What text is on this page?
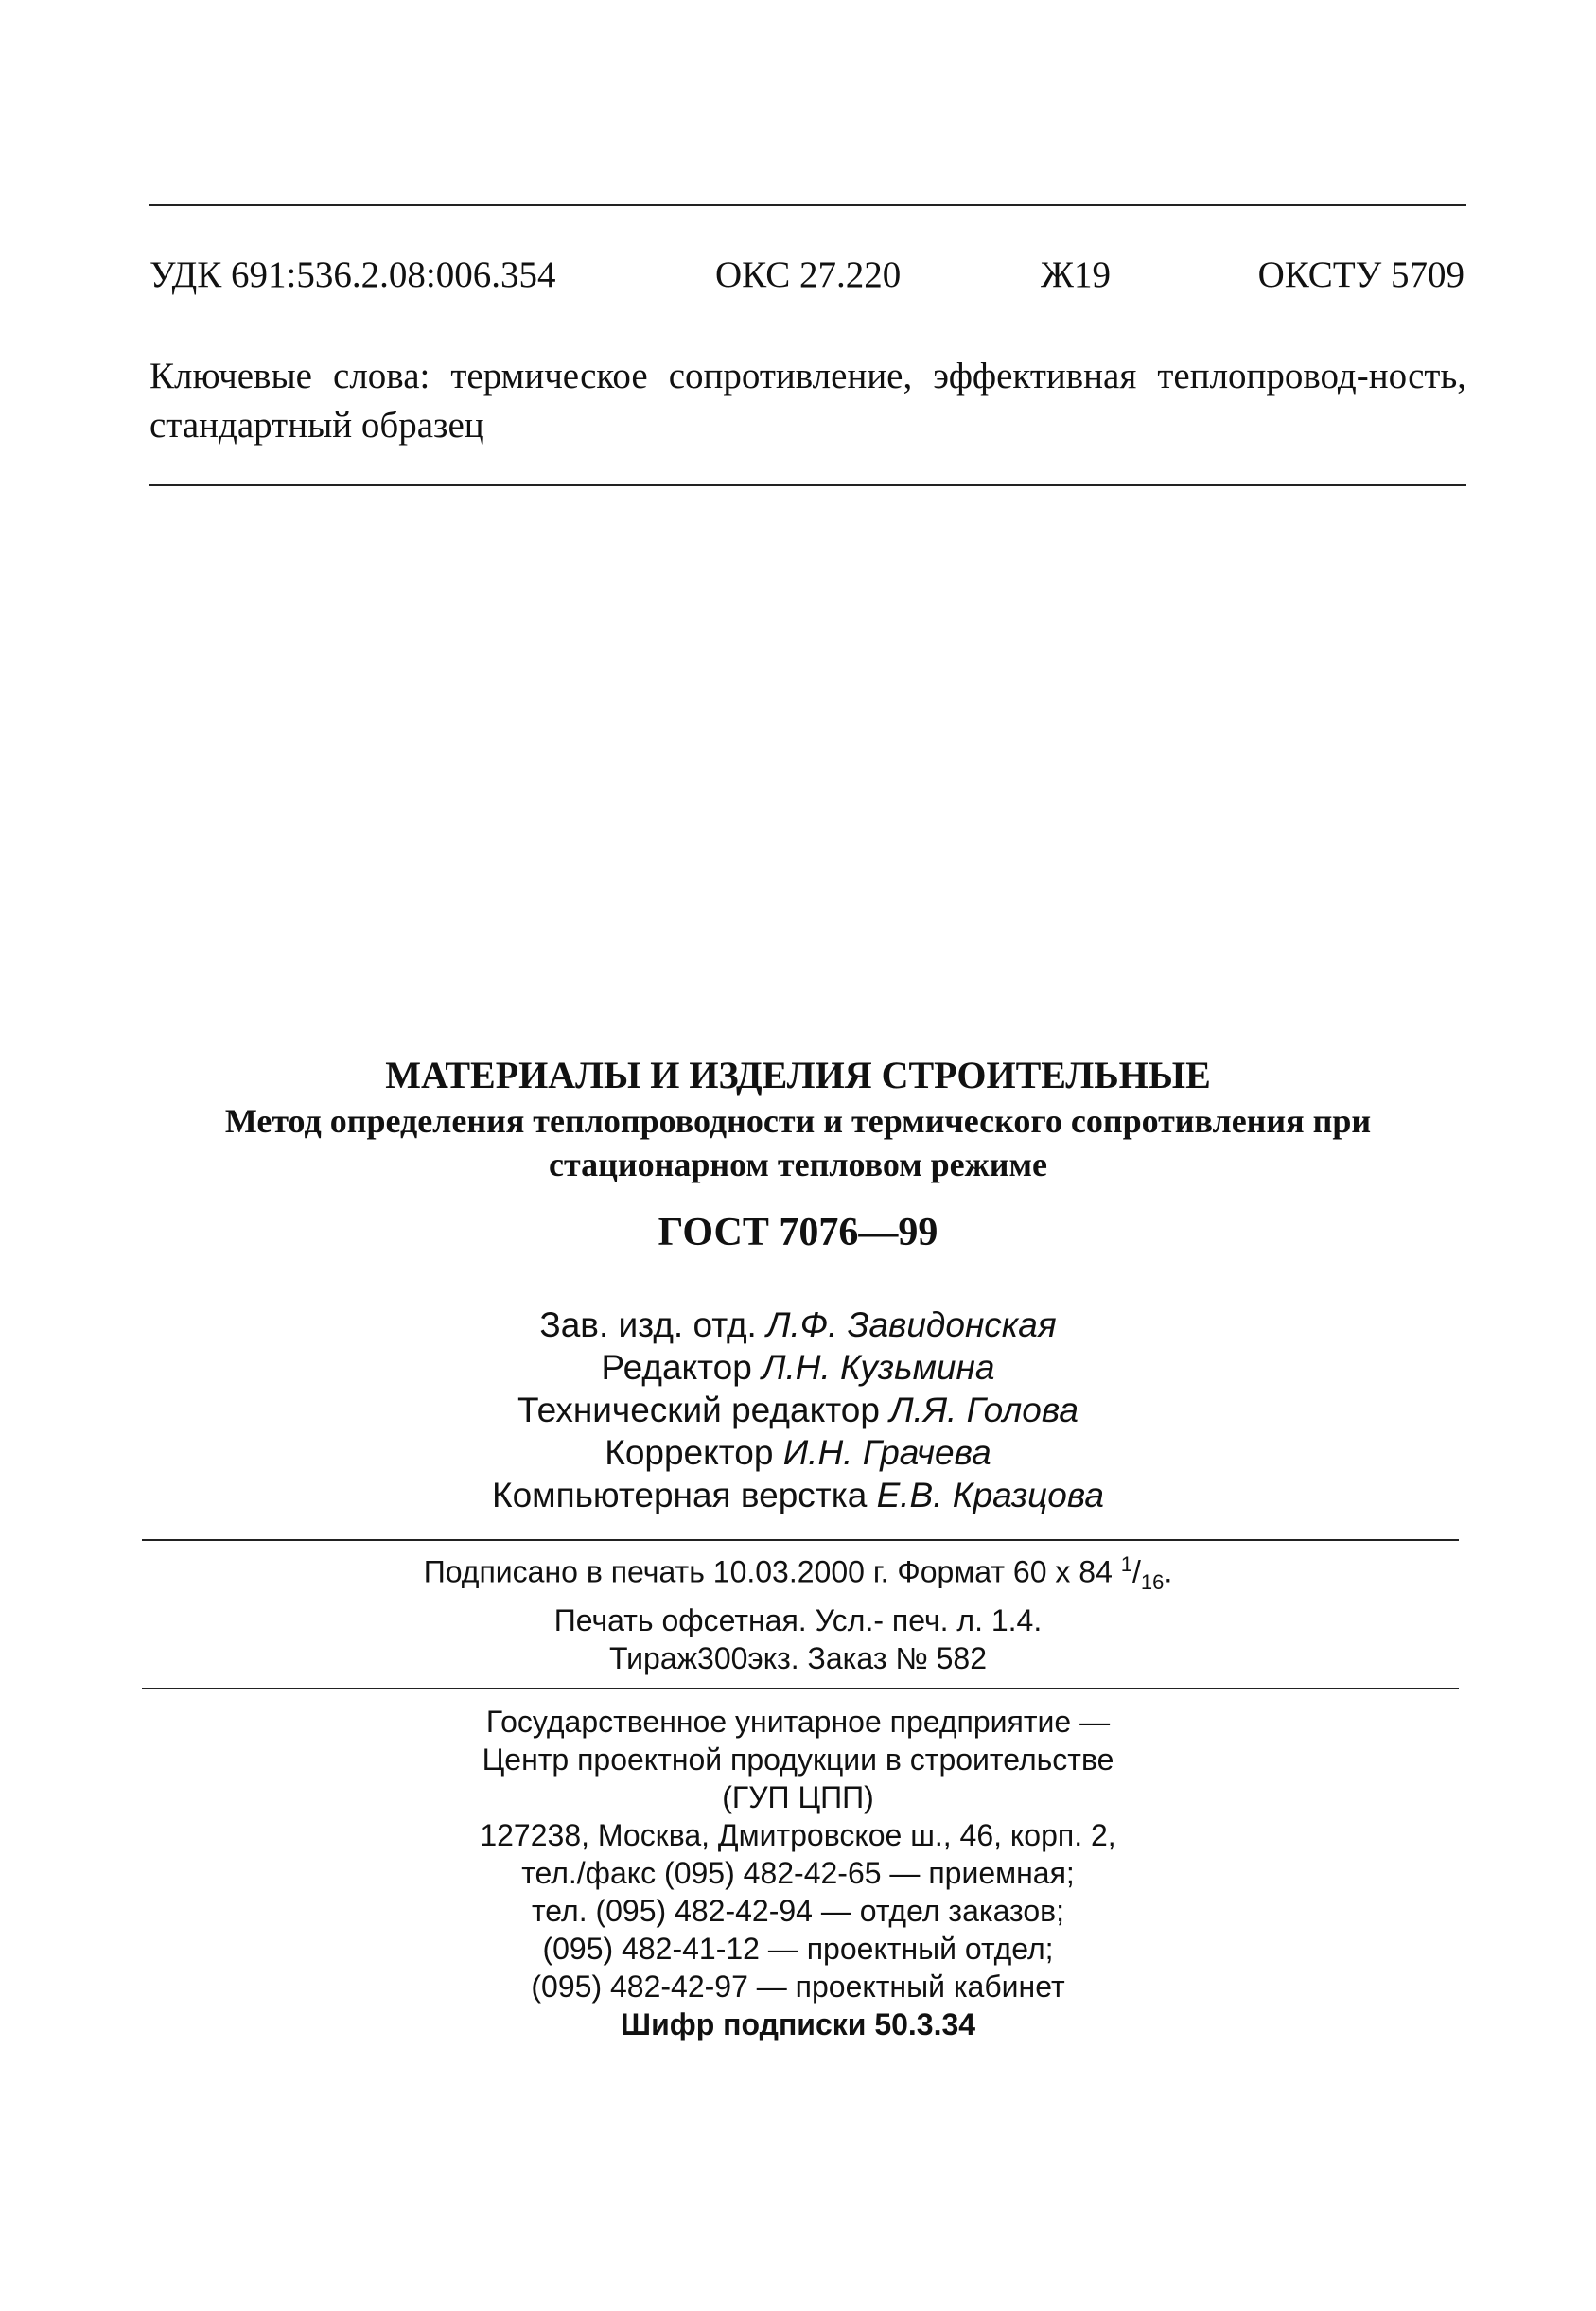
УДК 691:536.2.08:006.354	ОКС 27.220	Ж19	ОКСТУ 5709
Ключевые слова: термическое сопротивление, эффективная теплопровод-ность, стандартный образец
МАТЕРИАЛЫ И ИЗДЕЛИЯ СТРОИТЕЛЬНЫЕ
Метод определения теплопроводности и термического сопротивления при
стационарном тепловом режиме
ГОСТ 7076—99
Зав. изд. отд. Л.Ф. Завидонская
Редактор Л.Н. Кузьмина
Технический редактор Л.Я. Голова
Корректор И.Н. Грачева
Компьютерная верстка Е.В. Кразцова
Подписано в печать 10.03.2000 г. Формат 60 х 84 $^1/_{16}$.
Печать офсетная. Усл.- печ. л. 1.4.
Тираж300экз. Заказ № 582
Государственное унитарное предприятие —
Центр проектной продукции в строительстве
(ГУП ЦПП)
127238, Москва, Дмитровское ш., 46, корп. 2,
тел./факс (095) 482-42-65 — приемная;
тел. (095) 482-42-94 — отдел заказов;
(095) 482-41-12 — проектный отдел;
(095) 482-42-97 — проектный кабинет
Шифр подписки 50.3.34
